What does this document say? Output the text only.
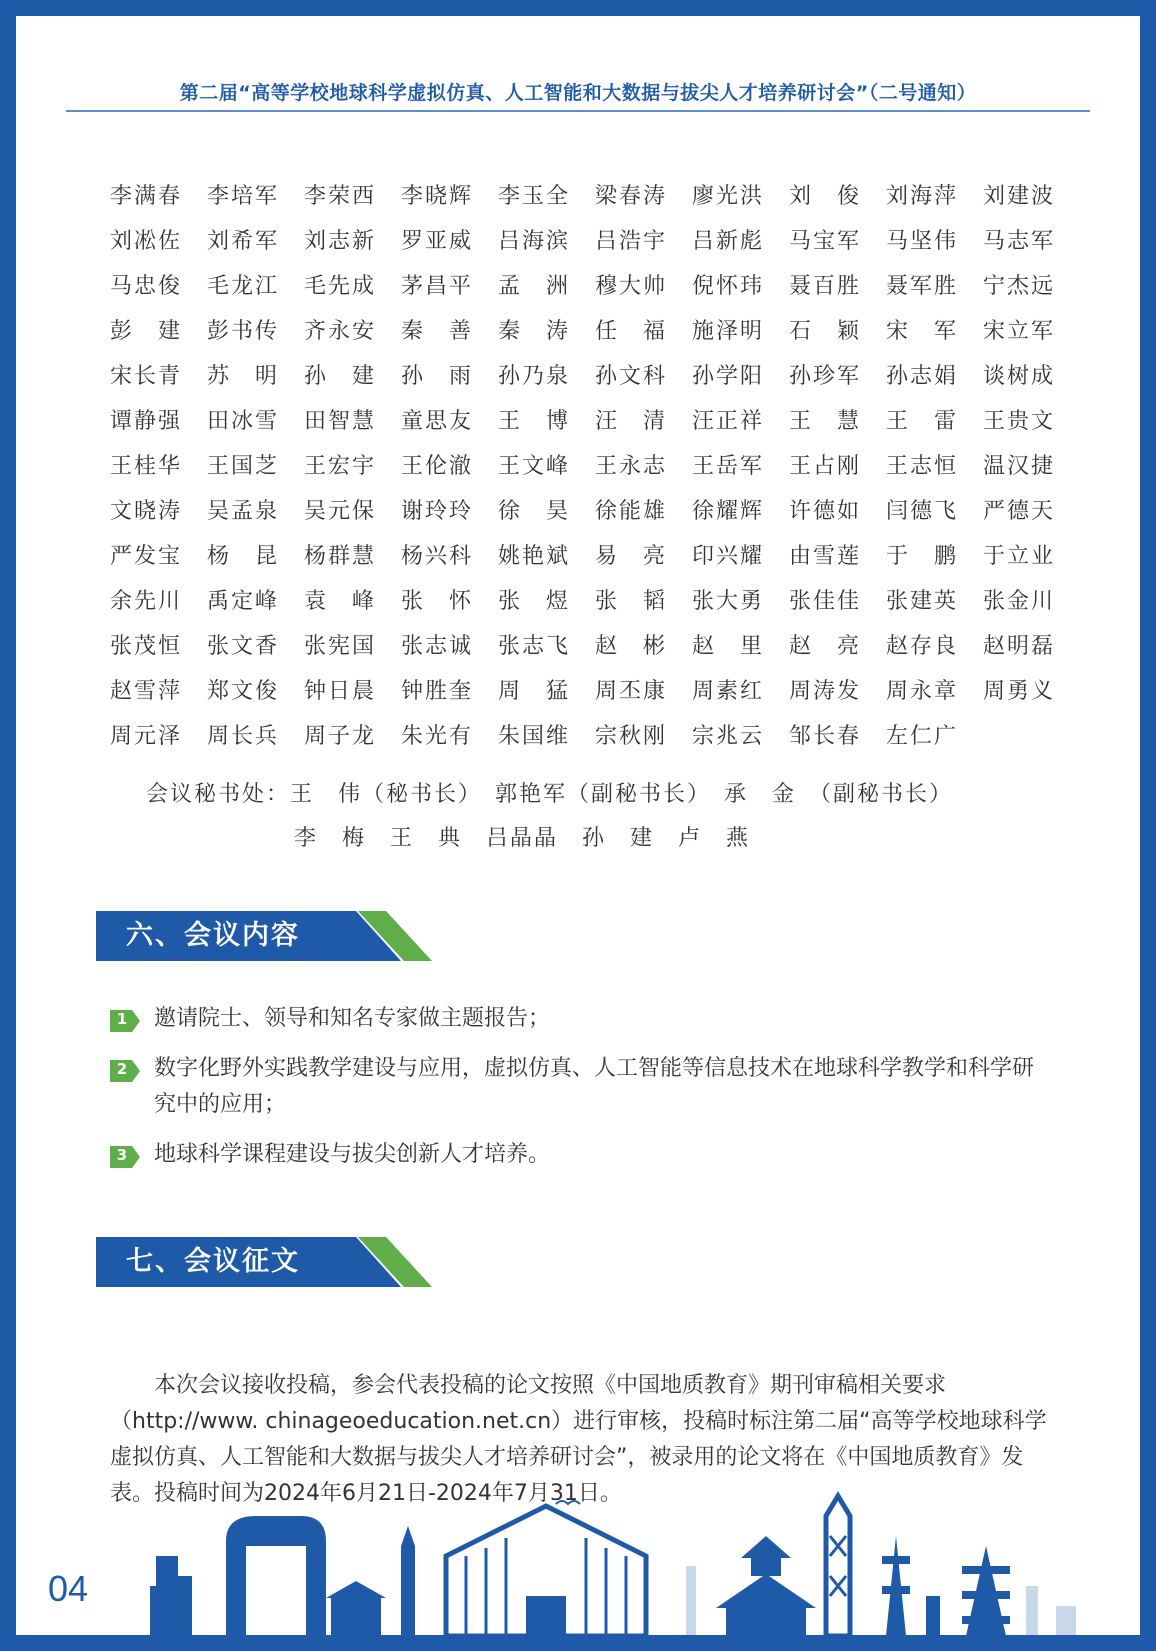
第二届“高等学校地球科学虚拟仿真、人工智能和大数据与拔尖人才培养研讨会”（二号通知）
李满春	李培军	李荣西	李晓辉	李玉全	梁春涛	廖光洪	刘　俊	刘海萍	刘建波
刘凇佐	刘希军	刘志新	罗亚威	吕海滨	吕浩宇	吕新彪	马宝军	马坚伟	马志军
马忠俊	毛龙江	毛先成	茅昌平	孟　洲	穆大帅	倪怀玮	聂百胜	聂军胜	宁杰远
彭　建	彭书传	齐永安	秦　善	秦　涛	任　福	施泽明	石　颖	宋　军	宋立军
宋长青	苏　明	孙　建	孙　雨	孙乃泉	孙文科	孙学阳	孙珍军	孙志娟	谈树成
谭静强	田冰雪	田智慧	童思友	王　博	汪　清	汪正祥	王　慧	王　雷	王贵文
王桂华	王国芝	王宏宇	王伦澈	王文峰	王永志	王岳军	王占刚	王志恒	温汉捷
文晓涛	吴孟泉	吴元保	谢玲玲	徐　昊	徐能雄	徐耀辉	许德如	闫德飞	严德天
严发宝	杨　昆	杨群慧	杨兴科	姚艳斌	易　亮	印兴耀	由雪莲	于　鹏	于立业
余先川	禹定峰	袁　峰	张　怀	张　煜	张　韬	张大勇	张佳佳	张建英	张金川
张茂恒	张文香	张宪国	张志诚	张志飞	赵　彬	赵　里	赵　亮	赵存良	赵明磊
赵雪萍	郑文俊	钟日晨	钟胜奎	周　猛	周丕康	周素红	周涛发	周永章	周勇义
周元泽	周长兵	周子龙	朱光有	朱国维	宗秋刚	宗兆云	邹长春	左仁广

会议秘书处：王　伟（秘书长）　郭艳军（副秘书长）　承　金　（副秘书长）

李　梅　王　典　吕晶晶　孙　建　卢　燕

六、会议内容
1	邀请院士、领导和知名专家做主题报告；
2	数字化野外实践教学建设与应用，虚拟仿真、人工智能等信息技术在地球科学教学和科学研究中的应用；
3	地球科学课程建设与拔尖创新人才培养。
七、会议征文
本次会议接收投稿，参会代表投稿的论文按照《中国地质教育》期刊审稿相关要求（http://www. chinageoeducation.net.cn）进行审核，投稿时标注第二届“高等学校地球科学虚拟仿真、人工智能和大数据与拔尖人才培养研讨会”，被录用的论文将在《中国地质教育》发表。投稿时间为2024年6月21日-2024年7月31日。
04
